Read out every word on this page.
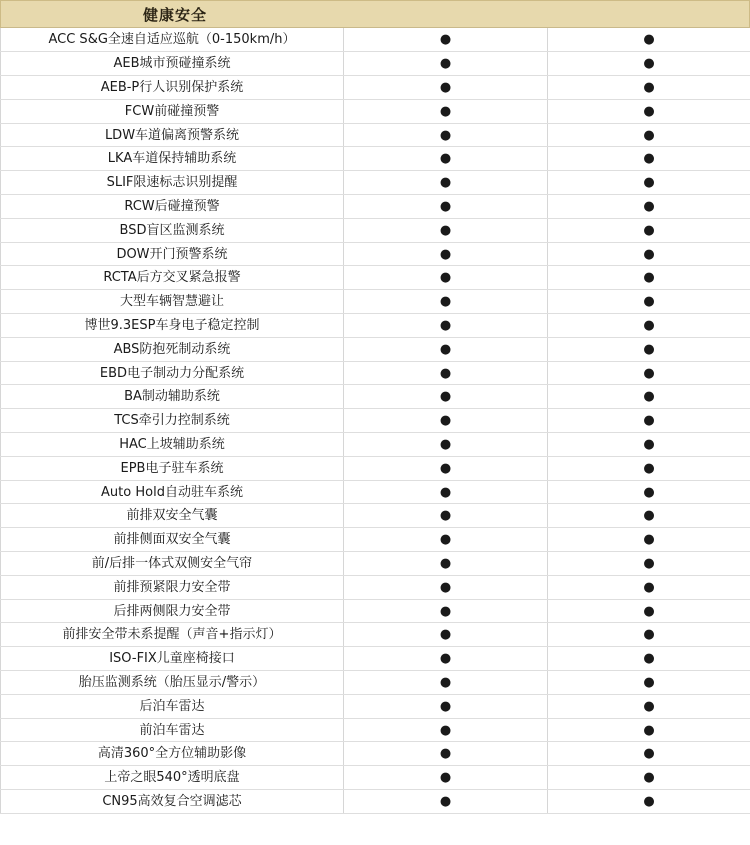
健康安全
ACC S&G全速自适应巡航（0-150km/h）	●	●
AEB城市预碰撞系统	●	●
AEB-P行人识别保护系统	●	●
FCW前碰撞预警	●	●
LDW车道偏离预警系统	●	●
LKA车道保持辅助系统	●	●
SLIF限速标志识别提醒	●	●
RCW后碰撞预警	●	●
BSD盲区监测系统	●	●
DOW开门预警系统	●	●
RCTA后方交叉紧急报警	●	●
大型车辆智慧避让	●	●
博世9.3ESP车身电子稳定控制	●	●
ABS防抱死制动系统	●	●
EBD电子制动力分配系统	●	●
BA制动辅助系统	●	●
TCS牵引力控制系统	●	●
HAC上坡辅助系统	●	●
EPB电子驻车系统	●	●
Auto Hold自动驻车系统	●	●
前排双安全气囊	●	●
前排侧面双安全气囊	●	●
前/后排一体式双侧安全气帘	●	●
前排预紧限力安全带	●	●
后排两侧限力安全带	●	●
前排安全带未系提醒（声音+指示灯）	●	●
ISO-FIX儿童座椅接口	●	●
胎压监测系统（胎压显示/警示）	●	●
后泊车雷达	●	●
前泊车雷达	●	●
高清360°全方位辅助影像	●	●
上帝之眼540°透明底盘	●	●
CN95高效复合空调滤芯	●	●
